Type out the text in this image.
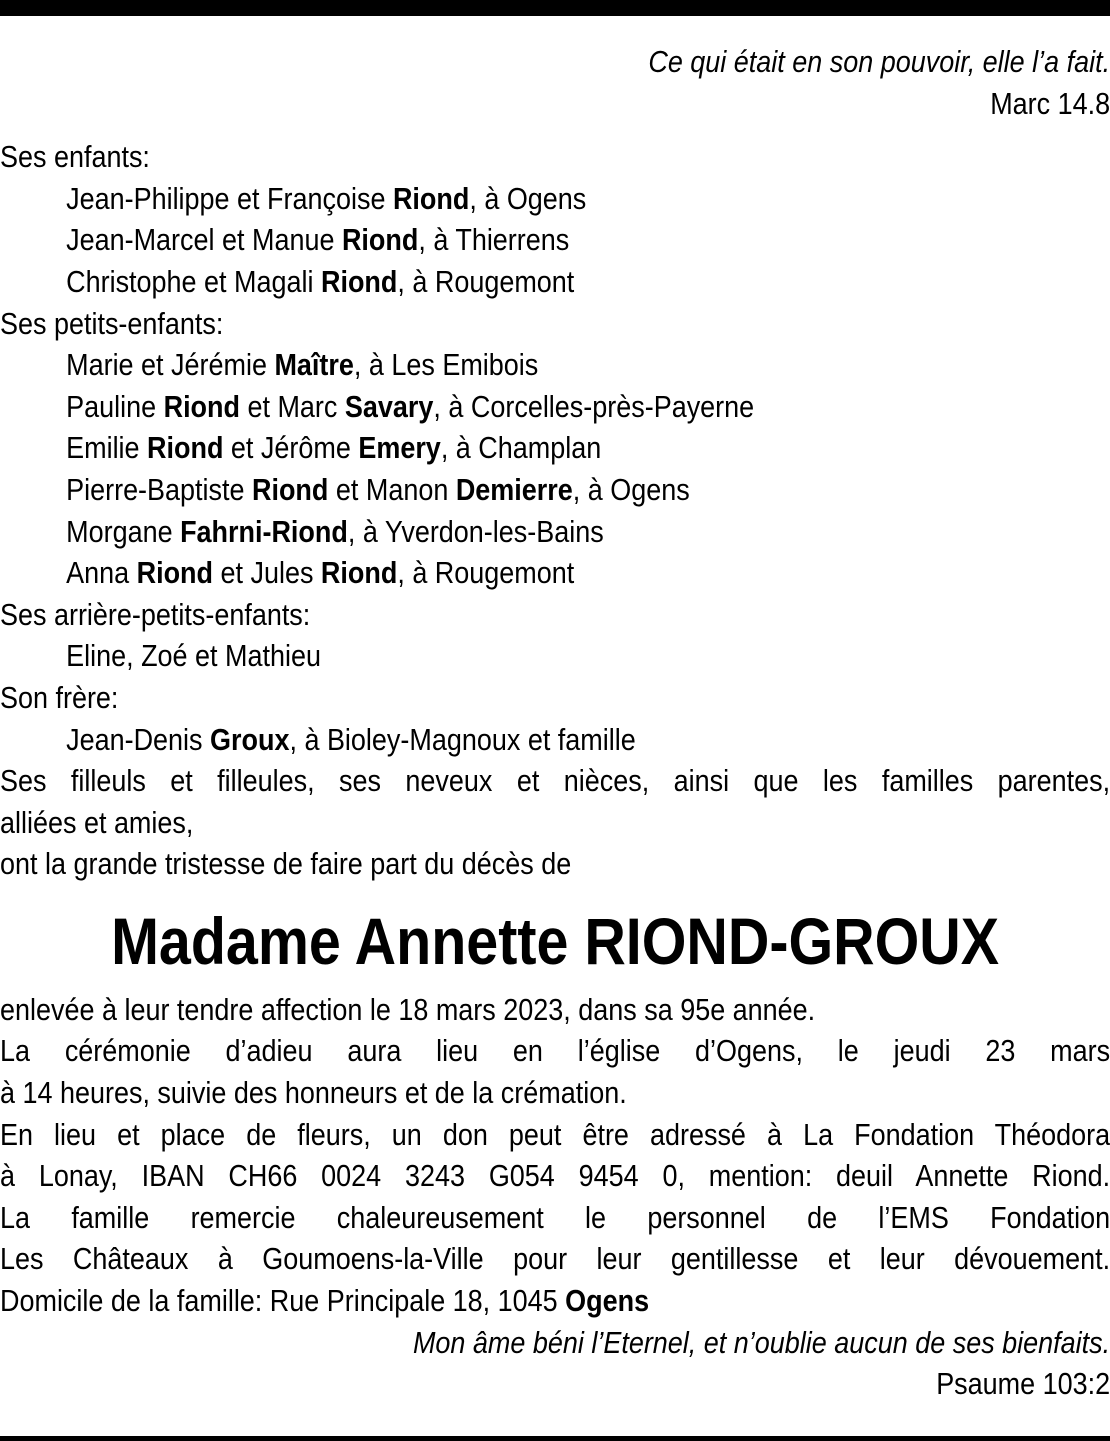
Ce qui était en son pouvoir, elle l’a fait.
Marc 14.8
Ses enfants:
Jean-Philippe et Françoise Riond, à Ogens
Jean-Marcel et Manue Riond, à Thierrens
Christophe et Magali Riond, à Rougemont
Ses petits-enfants:
Marie et Jérémie Maître, à Les Emibois
Pauline Riond et Marc Savary, à Corcelles-près-Payerne
Emilie Riond et Jérôme Emery, à Champlan
Pierre-Baptiste Riond et Manon Demierre, à Ogens
Morgane Fahrni-Riond, à Yverdon-les-Bains
Anna Riond et Jules Riond, à Rougemont
Ses arrière-petits-enfants:
Eline, Zoé et Mathieu
Son frère:
Jean-Denis Groux, à Bioley-Magnoux et famille
Ses filleuls et filleules, ses neveux et nièces, ainsi que les familles parentes,
alliées et amies,
ont la grande tristesse de faire part du décès de
Madame Annette RIOND-GROUX
enlevée à leur tendre affection le 18 mars 2023, dans sa 95e année.
La cérémonie d’adieu aura lieu en l’église d’Ogens, le jeudi 23 mars
à 14 heures, suivie des honneurs et de la crémation.
En lieu et place de fleurs, un don peut être adressé à La Fondation Théodora
à Lonay, IBAN CH66 0024 3243 G054 9454 0, mention: deuil Annette Riond.
La famille remercie chaleureusement le personnel de l’EMS Fondation
Les Châteaux à Goumoens-la-Ville pour leur gentillesse et leur dévouement.
Domicile de la famille: Rue Principale 18, 1045 Ogens
Mon âme béni l’Eternel, et n’oublie aucun de ses bienfaits.
Psaume 103:2
